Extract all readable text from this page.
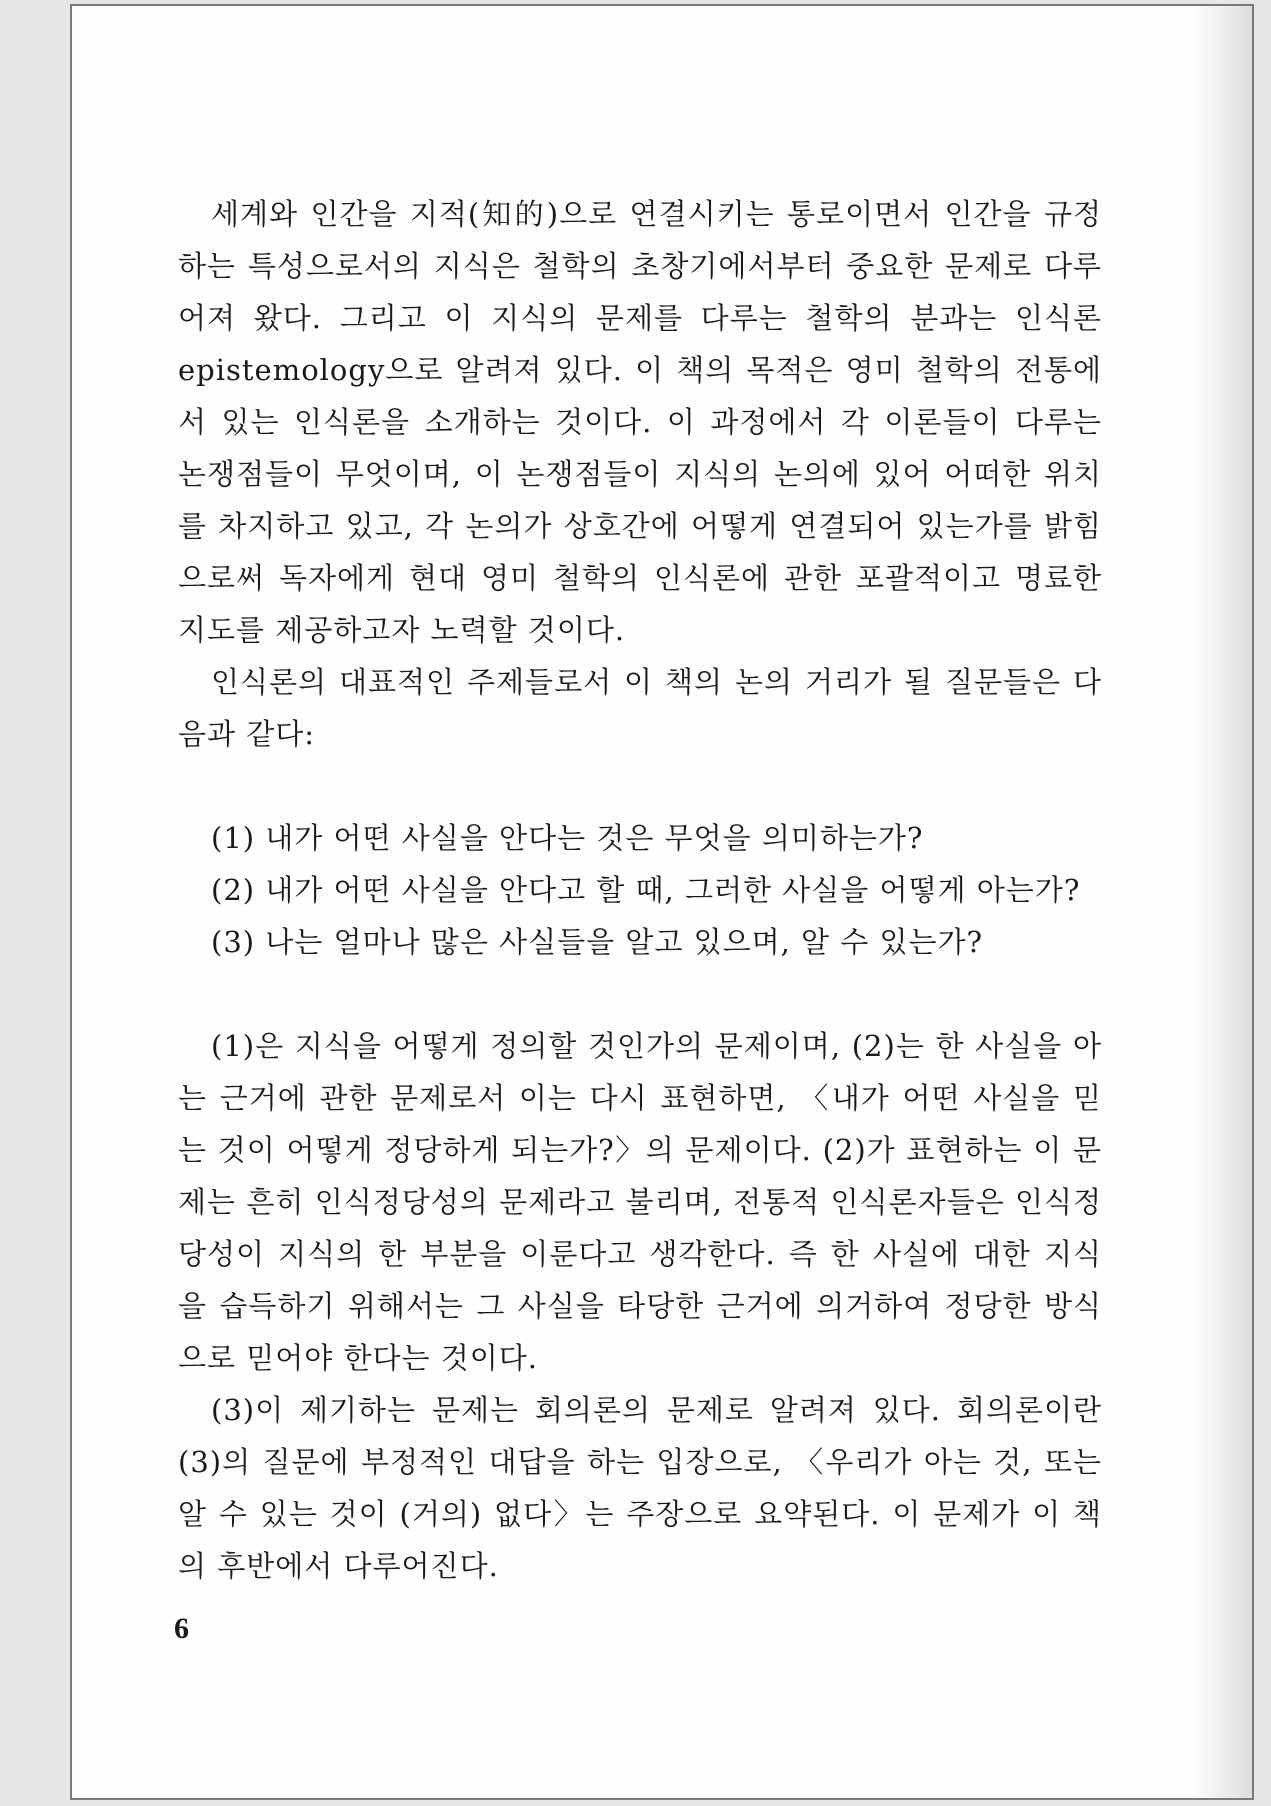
세계와 인간을 지적(知的)으로 연결시키는 통로이면서 인간을 규정하는 특성으로서의 지식은 철학의 초창기에서부터 중요한 문제로 다루어져 왔다. 그리고 이 지식의 문제를 다루는 철학의 분과는 인식론 epistemology으로 알려져 있다. 이 책의 목적은 영미 철학의 전통에서 있는 인식론을 소개하는 것이다. 이 과정에서 각 이론들이 다루는 논쟁점들이 무엇이며, 이 논쟁점들이 지식의 논의에 있어 어떠한 위치를 차지하고 있고, 각 논의가 상호간에 어떻게 연결되어 있는가를 밝힘으로써 독자에게 현대 영미 철학의 인식론에 관한 포괄적이고 명료한 지도를 제공하고자 노력할 것이다.

인식론의 대표적인 주제들로서 이 책의 논의 거리가 될 질문들은 다음과 같다:

(1) 내가 어떤 사실을 안다는 것은 무엇을 의미하는가?

(2) 내가 어떤 사실을 안다고 할 때, 그러한 사실을 어떻게 아는가?

(3) 나는 얼마나 많은 사실들을 알고 있으며, 알 수 있는가?

(1)은 지식을 어떻게 정의할 것인가의 문제이며, (2)는 한 사실을 아는 근거에 관한 문제로서 이는 다시 표현하면, 〈내가 어떤 사실을 믿는 것이 어떻게 정당하게 되는가?〉의 문제이다. (2)가 표현하는 이 문제는 흔히 인식정당성의 문제라고 불리며, 전통적 인식론자들은 인식정당성이 지식의 한 부분을 이룬다고 생각한다. 즉 한 사실에 대한 지식을 습득하기 위해서는 그 사실을 타당한 근거에 의거하여 정당한 방식으로 믿어야 한다는 것이다.

(3)이 제기하는 문제는 회의론의 문제로 알려져 있다. 회의론이란 (3)의 질문에 부정적인 대답을 하는 입장으로, 〈우리가 아는 것, 또는 알 수 있는 것이 (거의) 없다〉는 주장으로 요약된다. 이 문제가 이 책의 후반에서 다루어진다.

6
